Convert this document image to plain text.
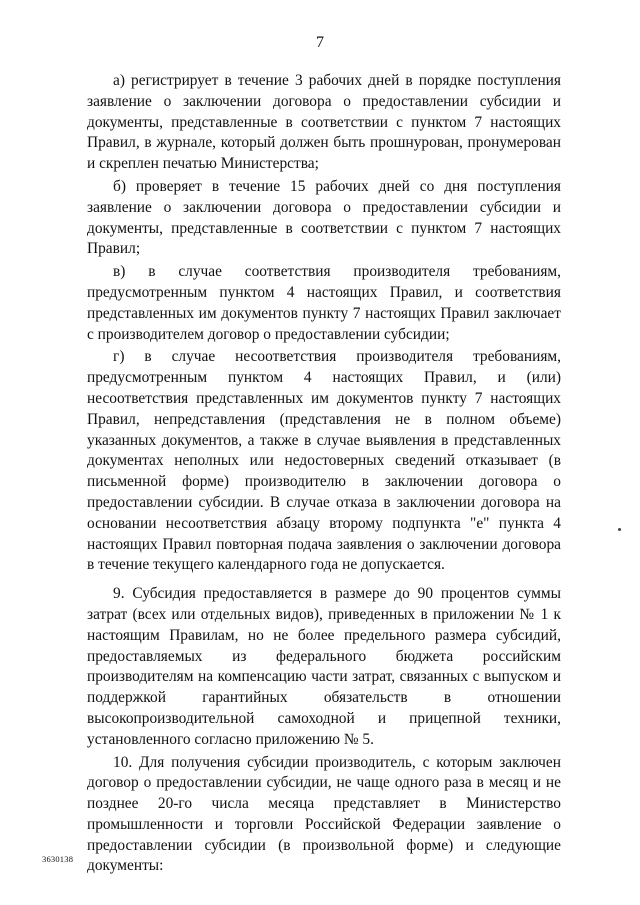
7

а) регистрирует в течение 3 рабочих дней в порядке поступления заявление о заключении договора о предоставлении субсидии и документы, представленные в соответствии с пунктом 7 настоящих Правил, в журнале, который должен быть прошнурован, пронумерован и скреплен печатью Министерства;

б) проверяет в течение 15 рабочих дней со дня поступления заявление о заключении договора о предоставлении субсидии и документы, представленные в соответствии с пунктом 7 настоящих Правил;

в) в случае соответствия производителя требованиям, предусмотренным пунктом 4 настоящих Правил, и соответствия представленных им документов пункту 7 настоящих Правил заключает с производителем договор о предоставлении субсидии;

г) в случае несоответствия производителя требованиям, предусмотренным пунктом 4 настоящих Правил, и (или) несоответствия представленных им документов пункту 7 настоящих Правил, непредставления (представления не в полном объеме) указанных документов, а также в случае выявления в представленных документах неполных или недостоверных сведений отказывает (в письменной форме) производителю в заключении договора о предоставлении субсидии. В случае отказа в заключении договора на основании несоответствия абзацу второму подпункта "е" пункта 4 настоящих Правил повторная подача заявления о заключении договора в течение текущего календарного года не допускается.

9. Субсидия предоставляется в размере до 90 процентов суммы затрат (всех или отдельных видов), приведенных в приложении № 1 к настоящим Правилам, но не более предельного размера субсидий, предоставляемых из федерального бюджета российским производителям на компенсацию части затрат, связанных с выпуском и поддержкой гарантийных обязательств в отношении высокопроизводительной самоходной и прицепной техники, установленного согласно приложению № 5.

10. Для получения субсидии производитель, с которым заключен договор о предоставлении субсидии, не чаще одного раза в месяц и не позднее 20-го числа месяца представляет в Министерство промышленности и торговли Российской Федерации заявление о предоставлении субсидии (в произвольной форме) и следующие документы:

3630138
